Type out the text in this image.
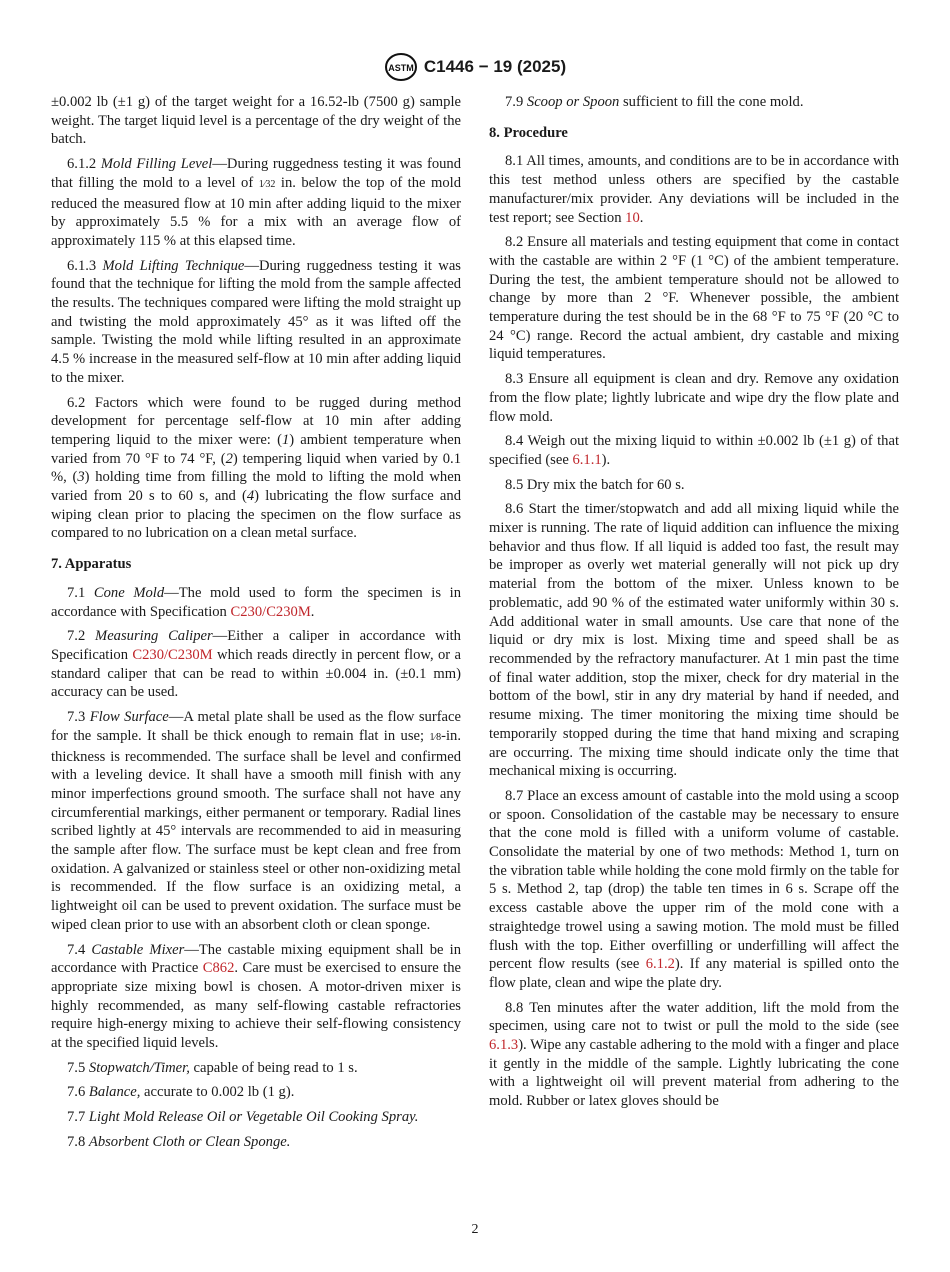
ASTM C1446 − 19 (2025)

±0.002 lb (±1 g) of the target weight for a 16.52-lb (7500 g) sample weight. The target liquid level is a percentage of the dry weight of the batch.

6.1.2 Mold Filling Level—During ruggedness testing it was found that filling the mold to a level of 1⁄32 in. below the top of the mold reduced the measured flow at 10 min after adding liquid to the mixer by approximately 5.5 % for a mix with an average flow of approximately 115 % at this elapsed time.

6.1.3 Mold Lifting Technique—During ruggedness testing it was found that the technique for lifting the mold from the sample affected the results. The techniques compared were lifting the mold straight up and twisting the mold approximately 45° as it was lifted off the sample. Twisting the mold while lifting resulted in an approximate 4.5 % increase in the measured self-flow at 10 min after adding liquid to the mixer.

6.2 Factors which were found to be rugged during method development for percentage self-flow at 10 min after adding tempering liquid to the mixer were: (1) ambient temperature when varied from 70 °F to 74 °F, (2) tempering liquid when varied by 0.1 %, (3) holding time from filling the mold to lifting the mold when varied from 20 s to 60 s, and (4) lubricating the flow surface and wiping clean prior to placing the specimen on the flow surface as compared to no lubrication on a clean metal surface.

7. Apparatus

7.1 Cone Mold—The mold used to form the specimen is in accordance with Specification C230/C230M.

7.2 Measuring Caliper—Either a caliper in accordance with Specification C230/C230M which reads directly in percent flow, or a standard caliper that can be read to within ±0.004 in. (±0.1 mm) accuracy can be used.

7.3 Flow Surface—A metal plate shall be used as the flow surface for the sample. It shall be thick enough to remain flat in use; 1⁄8-in. thickness is recommended. The surface shall be level and confirmed with a leveling device. It shall have a smooth mill finish with any minor imperfections ground smooth. The surface shall not have any circumferential markings, either permanent or temporary. Radial lines scribed lightly at 45° intervals are recommended to aid in measuring the sample after flow. The surface must be kept clean and free from oxidation. A galvanized or stainless steel or other non-oxidizing metal is recommended. If the flow surface is an oxidizing metal, a lightweight oil can be used to prevent oxidation. The surface must be wiped clean prior to use with an absorbent cloth or clean sponge.

7.4 Castable Mixer—The castable mixing equipment shall be in accordance with Practice C862. Care must be exercised to ensure the appropriate size mixing bowl is chosen. A motor-driven mixer is highly recommended, as many self-flowing castable refractories require high-energy mixing to achieve their self-flowing consistency at the specified liquid levels.

7.5 Stopwatch/Timer, capable of being read to 1 s.

7.6 Balance, accurate to 0.002 lb (1 g).

7.7 Light Mold Release Oil or Vegetable Oil Cooking Spray.

7.8 Absorbent Cloth or Clean Sponge.

7.9 Scoop or Spoon sufficient to fill the cone mold.

8. Procedure

8.1 All times, amounts, and conditions are to be in accordance with this test method unless others are specified by the castable manufacturer/mix provider. Any deviations will be included in the test report; see Section 10.

8.2 Ensure all materials and testing equipment that come in contact with the castable are within 2 °F (1 °C) of the ambient temperature. During the test, the ambient temperature should not be allowed to change by more than 2 °F. Whenever possible, the ambient temperature during the test should be in the 68 °F to 75 °F (20 °C to 24 °C) range. Record the actual ambient, dry castable and mixing liquid temperatures.

8.3 Ensure all equipment is clean and dry. Remove any oxidation from the flow plate; lightly lubricate and wipe dry the flow plate and flow mold.

8.4 Weigh out the mixing liquid to within ±0.002 lb (±1 g) of that specified (see 6.1.1).

8.5 Dry mix the batch for 60 s.

8.6 Start the timer/stopwatch and add all mixing liquid while the mixer is running. The rate of liquid addition can influence the mixing behavior and thus flow. If all liquid is added too fast, the result may be improper as overly wet material generally will not pick up dry material from the bottom of the mixer. Unless known to be problematic, add 90 % of the estimated water uniformly within 30 s. Add additional water in small amounts. Use care that none of the liquid or dry mix is lost. Mixing time and speed shall be as recommended by the refractory manufacturer. At 1 min past the time of final water addition, stop the mixer, check for dry material in the bottom of the bowl, stir in any dry material by hand if needed, and resume mixing. The timer monitoring the mixing time should be temporarily stopped during the time that hand mixing and scraping are occurring. The mixing time should indicate only the time that mechanical mixing is occurring.

8.7 Place an excess amount of castable into the mold using a scoop or spoon. Consolidation of the castable may be necessary to ensure that the cone mold is filled with a uniform volume of castable. Consolidate the material by one of two methods: Method 1, turn on the vibration table while holding the cone mold firmly on the table for 5 s. Method 2, tap (drop) the table ten times in 6 s. Scrape off the excess castable above the upper rim of the mold cone with a straightedge trowel using a sawing motion. The mold must be filled flush with the top. Either overfilling or underfilling will affect the percent flow results (see 6.1.2). If any material is spilled onto the flow plate, clean and wipe the plate dry.

8.8 Ten minutes after the water addition, lift the mold from the specimen, using care not to twist or pull the mold to the side (see 6.1.3). Wipe any castable adhering to the mold with a finger and place it gently in the middle of the sample. Lightly lubricating the cone with a lightweight oil will prevent material from adhering to the mold. Rubber or latex gloves should be

2
